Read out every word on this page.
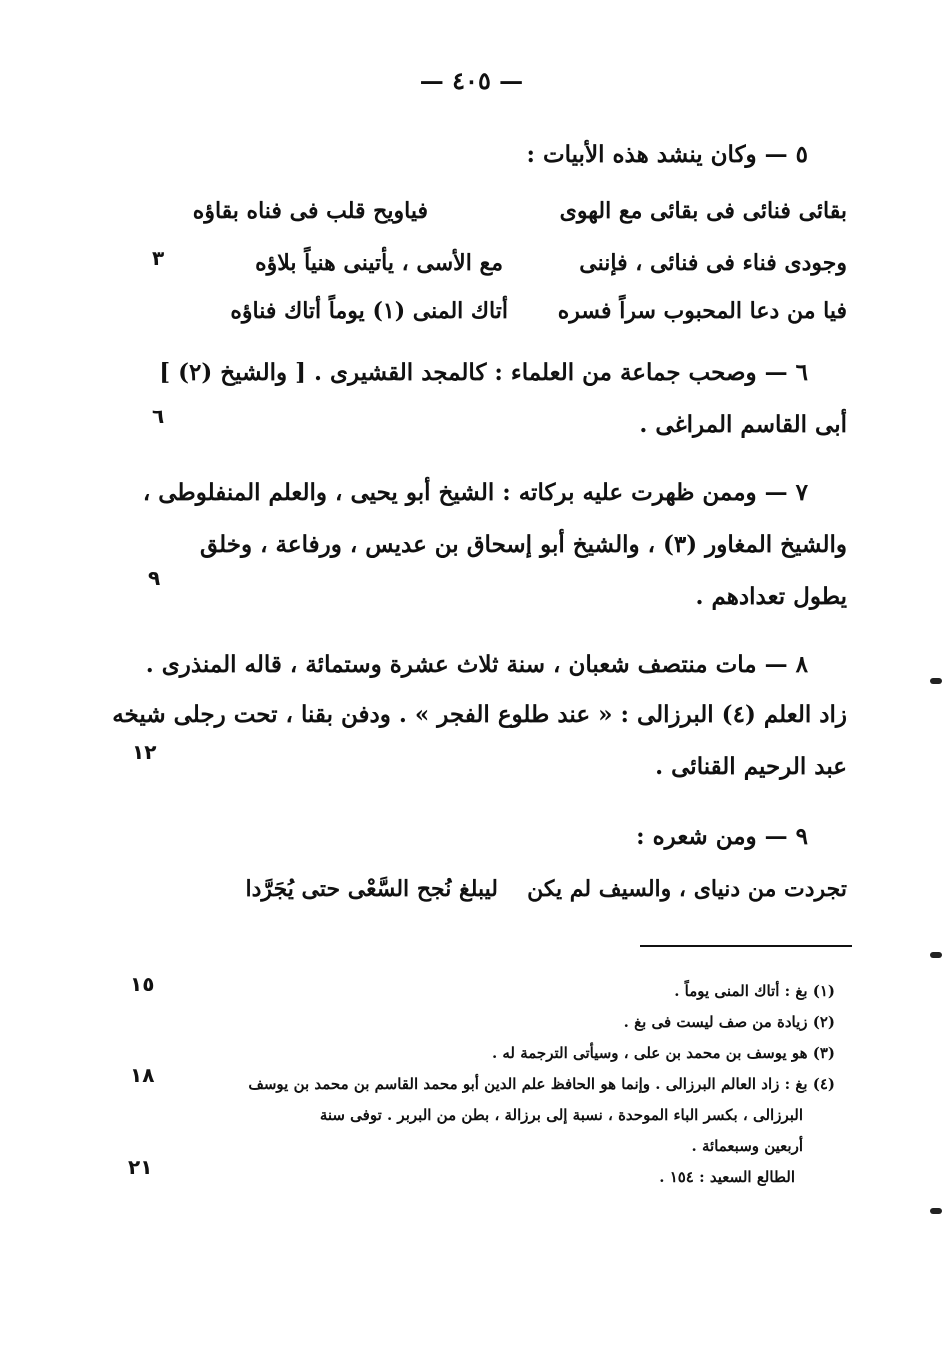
— ٤٠٥ —
٥ — وكان ينشد هذه الأبيات :
بقائى فنائى فى بقائى مع الهوى
فياويح قلب فى فناه بقاؤه
وجودى فناء فى فنائى ، فإننى
مع الأسى ، يأتينى هنياً بلاؤه
فيا من دعا المحبوب سراً فسره
أتاك المنى (١) يوماً أتاك فناؤه
٦ — وصحب جماعة من العلماء : كالمجد القشيرى . [ والشيخ (٢) ]
أبى القاسم المراغى .
٧ — وممن ظهرت عليه بركاته : الشيخ أبو يحيى ، والعلم المنفلوطى ،
والشيخ المغاور (٣) ، والشيخ أبو إسحاق بن عديس ، ورفاعة ، وخلق
يطول تعدادهم .
٨ — مات منتصف شعبان ، سنة ثلاث عشرة وستمائة ، قاله المنذرى .
زاد العلم (٤) البرزالى : « عند طلوع الفجر » . ودفن بقنا ، تحت رجلى شيخه
عبد الرحيم القنائى .
٩ — ومن شعره :
تجردت من دنياى ، والسيف لم يكن
ليبلغ نُجح السَّعْى حتى يُجَرَّدا
(١) بغ : أتاك المنى يوماً .
(٢) زيادة من صف ليست فى بغ .
(٣) هو يوسف بن محمد بن على ، وسيأتى الترجمة له .
(٤) بغ : زاد العالم البرزالى . وإنما هو الحافظ علم الدين أبو محمد القاسم بن محمد بن يوسف
البرزالى ، بكسر الباء الموحدة ، نسبة إلى برزالة ، بطن من البربر . توفى سنة
أربعين وسبعمائة .
الطالع السعيد : ١٥٤ .
٣
٦
٩
١٢
١٥
١٨
٢١
